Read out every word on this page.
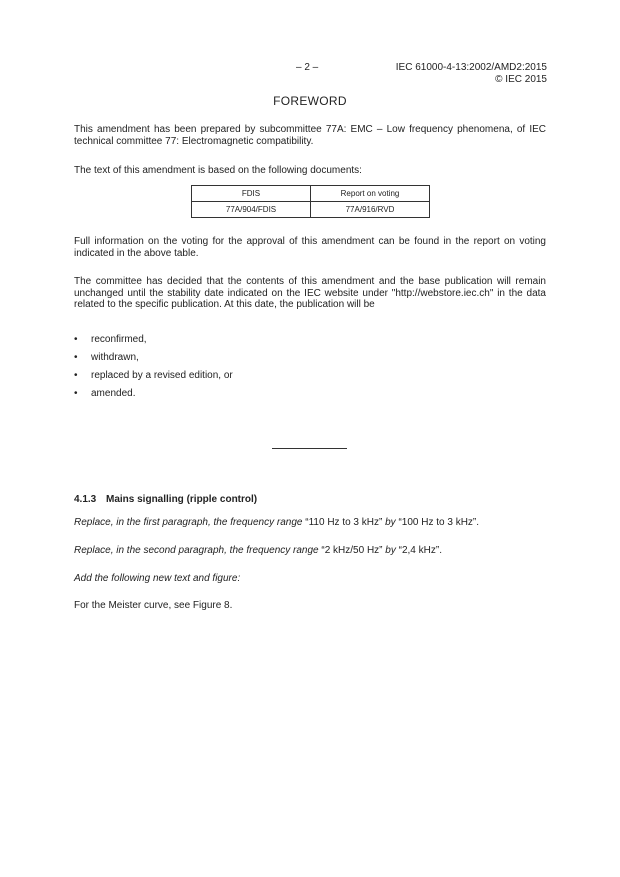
– 2 –	IEC 61000-4-13:2002/AMD2:2015
© IEC 2015
FOREWORD
This amendment has been prepared by subcommittee 77A: EMC – Low frequency phenomena, of IEC technical committee 77: Electromagnetic compatibility.
The text of this amendment is based on the following documents:
FDIS	Report on voting
77A/904/FDIS	77A/916/RVD
Full information on the voting for the approval of this amendment can be found in the report on voting indicated in the above table.
The committee has decided that the contents of this amendment and the base publication will remain unchanged until the stability date indicated on the IEC website under "http://webstore.iec.ch" in the data related to the specific publication. At this date, the publication will be
• reconfirmed,
• withdrawn,
• replaced by a revised edition, or
• amended.
4.1.3 Mains signalling (ripple control)
Replace, in the first paragraph, the frequency range “110 Hz to 3 kHz” by “100 Hz to 3 kHz”.
Replace, in the second paragraph, the frequency range “2 kHz/50 Hz” by “2,4 kHz”.
Add the following new text and figure:
For the Meister curve, see Figure 8.
